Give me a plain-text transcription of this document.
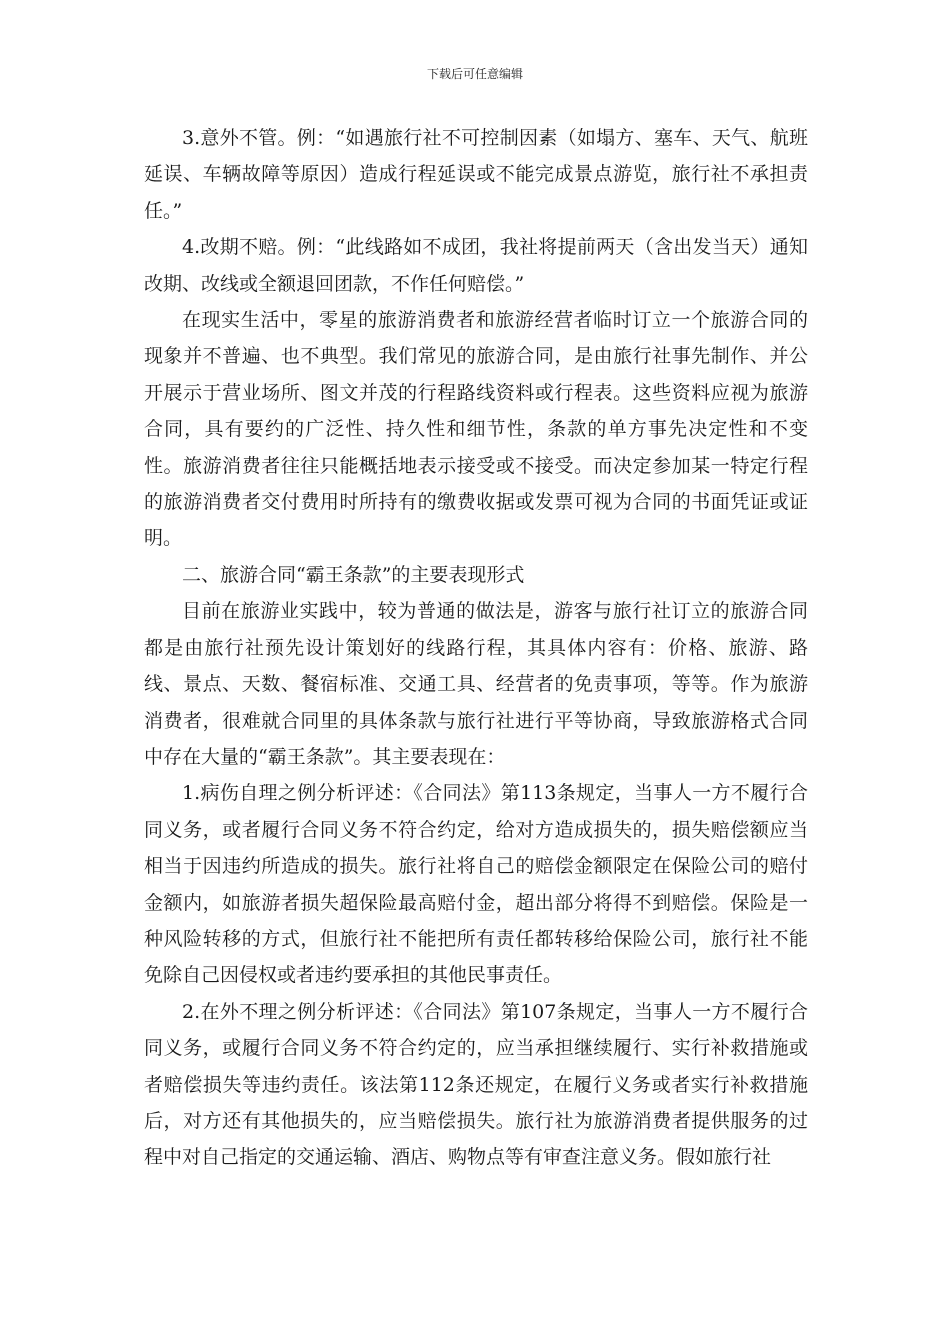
下载后可任意编辑

3.意外不管。例：“如遇旅行社不可控制因素（如塌方、塞车、天气、航班延误、车辆故障等原因）造成行程延误或不能完成景点游览，旅行社不承担责任。”

4.改期不赔。例：“此线路如不成团，我社将提前两天（含出发当天）通知改期、改线或全额退回团款，不作任何赔偿。”

在现实生活中，零星的旅游消费者和旅游经营者临时订立一个旅游合同的现象并不普遍、也不典型。我们常见的旅游合同，是由旅行社事先制作、并公开展示于营业场所、图文并茂的行程路线资料或行程表。这些资料应视为旅游合同，具有要约的广泛性、持久性和细节性，条款的单方事先决定性和不变性。旅游消费者往往只能概括地表示接受或不接受。而决定参加某一特定行程的旅游消费者交付费用时所持有的缴费收据或发票可视为合同的书面凭证或证明。

二、旅游合同“霸王条款”的主要表现形式

目前在旅游业实践中，较为普通的做法是，游客与旅行社订立的旅游合同都是由旅行社预先设计策划好的线路行程，其具体内容有：价格、旅游、路线、景点、天数、餐宿标准、交通工具、经营者的免责事项，等等。作为旅游消费者，很难就合同里的具体条款与旅行社进行平等协商，导致旅游格式合同中存在大量的“霸王条款”。其主要表现在：

1.病伤自理之例分析评述：《合同法》第113条规定，当事人一方不履行合同义务，或者履行合同义务不符合约定，给对方造成损失的，损失赔偿额应当相当于因违约所造成的损失。旅行社将自己的赔偿金额限定在保险公司的赔付金额内，如旅游者损失超保险最高赔付金，超出部分将得不到赔偿。保险是一种风险转移的方式，但旅行社不能把所有责任都转移给保险公司，旅行社不能免除自己因侵权或者违约要承担的其他民事责任。

2.在外不理之例分析评述：《合同法》第107条规定，当事人一方不履行合同义务，或履行合同义务不符合约定的，应当承担继续履行、实行补救措施或者赔偿损失等违约责任。该法第112条还规定，在履行义务或者实行补救措施后，对方还有其他损失的，应当赔偿损失。旅行社为旅游消费者提供服务的过程中对自己指定的交通运输、酒店、购物点等有审查注意义务。假如旅行社
